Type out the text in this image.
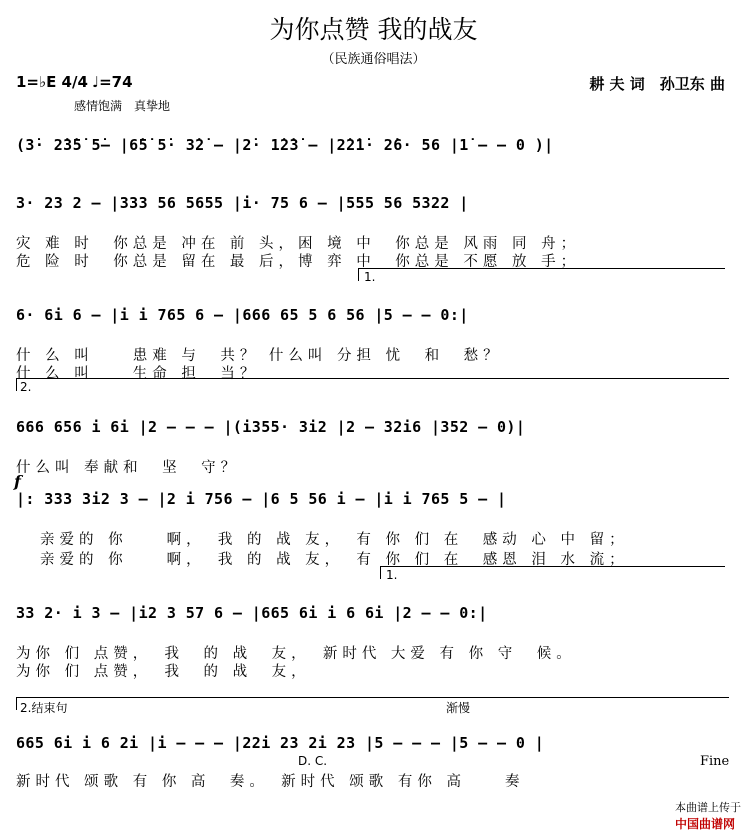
为你点赞 我的战友
（民族通俗唱法）
1=♭E 4/4 ♩=74	耕 夫 词　孙卫东 曲
感情饱满　真挚地
(3̇· 2̇3̇5̇ 5̇– |6̇5̇ 5̇· 3̇2̇ – |2̇· 1̇2̇3̇ – |2̇2̇1̇· 2̇6· 56 |1̇ – – 0 )|
3· 23 2 – |333 56 5655 |i· 75 6 – |555 56 5322 |
灾 难 时　你总是 冲在 前 头，困 境 中　你总是 风雨 同 舟；
危 险 时　你总是 留在 最 后，博 弈 中　你总是 不愿 放 手；
1.
6· 6i 6 – |i i 765 6 – |666 65 5 6 56 |5 – – 0:|
什 么 叫　　患难 与　共？ 什么叫 分担 忧　和　愁？
什 么 叫　　生命 担　当？
2.
666 656 i 6i |2 – – – |(i355· 3i2 |2 – 32i6 |352 – 0)|
什么叫 奉献和　坚　守？
f
|: 333 3i2 3 – |2 i 756 – |6 5 56 i – |i i 765 5 – |
亲爱的 你　　啊，　我 的 战 友，　有 你 们 在　感动 心 中 留；
亲爱的 你　　啊，　我 的 战 友，　有 你 们 在　感恩 泪 水 流；
1.
33 2· i 3 – |i2 3 57 6 – |665 6i i 6 6i |2 – – 0:|
为你 们 点赞，　我　的 战　友，　新时代 大爱 有 你 守　候。
为你 们 点赞，　我　的 战　友，
2.结束句	渐慢
665 6i i 6 2i |i – – – |22i 23 2i 23 |5 – – – |5 – – 0 |
D. C.	Fine
新时代 颂歌 有 你 高　奏。　新时代 颂歌 有你 高　　奏

本曲谱上传于
中国曲谱网
